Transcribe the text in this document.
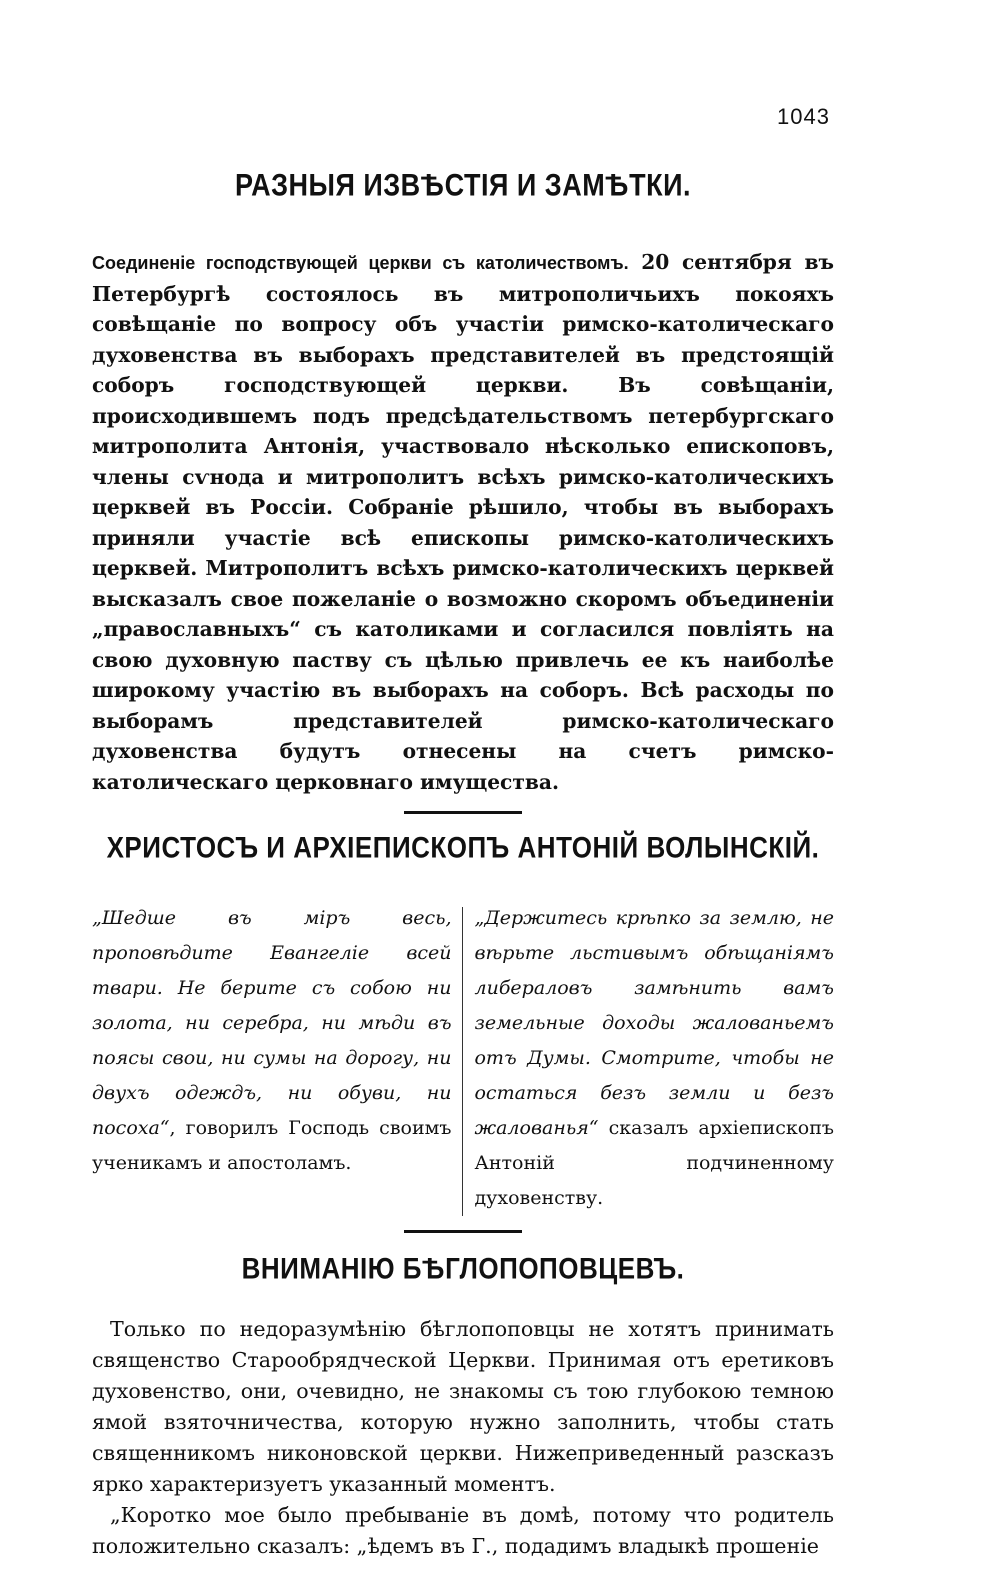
1043
РАЗНЫЯ ИЗВѢСТІЯ И ЗАМѢТКИ.

Соединеніе господствующей церкви съ католичествомъ. 20 сентября въ Петербургѣ состоялось въ митрополичьихъ покояхъ совѣщаніе по вопросу объ участіи римско-католическаго духовенства въ выборахъ представителей въ предстоящій соборъ господствующей церкви. Въ совѣщаніи, происходившемъ подъ предсѣдательствомъ петербургскаго митрополита Антонія, участвовало нѣсколько епископовъ, члены сѵнода и митрополитъ всѣхъ римско-католическихъ церквей въ Россіи. Собраніе рѣшило, чтобы въ выборахъ приняли участіе всѣ епископы римско-католическихъ церквей. Митрополитъ всѣхъ римско-католическихъ церквей высказалъ свое пожеланіе о возможно скоромъ объединеніи „православныхъ“ съ католиками и согласился повліять на свою духовную паству съ цѣлью привлечь ее къ наиболѣе широкому участію въ выборахъ на соборъ. Всѣ расходы по выборамъ представителей римско-католическаго духовенства будутъ отнесены на счетъ римско-католическаго церковнаго имущества.

ХРИСТОСЪ И АРХІЕПИСКОПЪ АНТОНІЙ ВОЛЫНСКІЙ.
„Шедше въ міръ весь, проповѣдите Евангеліе всей твари. Не берите съ собою ни золота, ни серебра, ни мѣди въ поясы свои, ни сумы на дорогу, ни двухъ одеждъ, ни обуви, ни посоха“, говорилъ Господь своимъ ученикамъ и апостоламъ.
„Держитесь крѣпко за землю, не вѣрьте льстивымъ обѣщаніямъ либераловъ замѣнить вамъ земельные доходы жалованьемъ отъ Думы. Смотрите, чтобы не остаться безъ земли и безъ жалованья“ сказалъ архіепископъ Антоній подчиненному духовенству.
ВНИМАНІЮ БѢГЛОПОПОВЦЕВЪ.

Только по недоразумѣнію бѣглопоповцы не хотятъ принимать священство Старообрядческой Церкви. Принимая отъ еретиковъ духовенство, они, очевидно, не знакомы съ тою глубокою темною ямой взяточничества, которую нужно заполнить, чтобы стать священникомъ никоновской церкви. Нижеприведенный разсказъ ярко характеризуетъ указанный моментъ.

„Коротко мое было пребываніе въ домѣ, потому что родитель положительно сказалъ: „ѣдемъ въ Г., подадимъ владыкѣ прошеніе
